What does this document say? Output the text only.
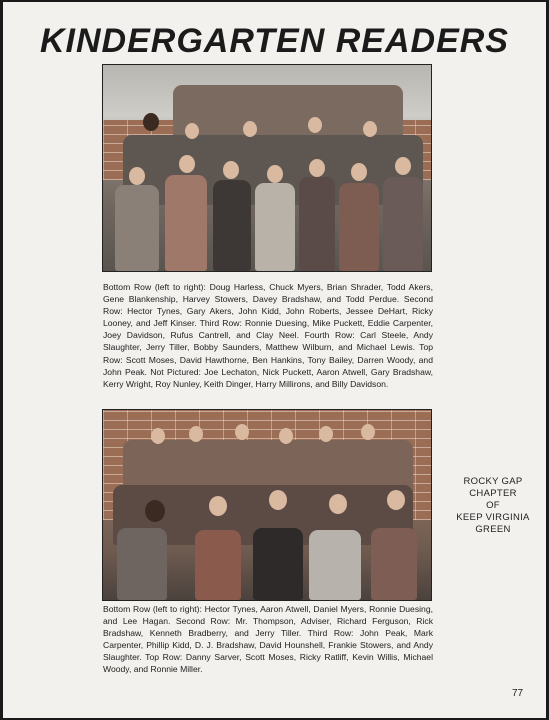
KINDERGARTEN READERS

Bottom Row (left to right): Doug Harless, Chuck Myers, Brian Shrader, Todd Akers, Gene Blankenship, Harvey Stowers, Davey Bradshaw, and Todd Perdue. Second Row: Hector Tynes, Gary Akers, John Kidd, John Roberts, Jessee DeHart, Ricky Looney, and Jeff Kinser. Third Row: Ronnie Duesing, Mike Puckett, Eddie Carpenter, Joey Davidson, Rufus Cantrell, and Clay Neel. Fourth Row: Carl Steele, Andy Slaughter, Jerry Tiller, Bobby Saunders, Matthew Wilburn, and Michael Lewis. Top Row: Scott Moses, David Hawthorne, Ben Hankins, Tony Bailey, Darren Woody, and John Peak. Not Pictured: Joe Lechaton, Nick Puckett, Aaron Atwell, Gary Bradshaw, Kerry Wright, Roy Nunley, Keith Dinger, Harry Millirons, and Billy Davidson.

ROCKY GAP
CHAPTER
OF
KEEP VIRGINIA
GREEN

Bottom Row (left to right): Hector Tynes, Aaron Atwell, Daniel Myers, Ronnie Duesing, and Lee Hagan. Second Row: Mr. Thompson, Adviser, Richard Ferguson, Rick Bradshaw, Kenneth Bradberry, and Jerry Tiller. Third Row: John Peak, Mark Carpenter, Phillip Kidd, D. J. Bradshaw, David Hounshell, Frankie Stowers, and Andy Slaughter. Top Row: Danny Sarver, Scott Moses, Ricky Ratliff, Kevin Willis, Michael Woody, and Ronnie Miller.

77
